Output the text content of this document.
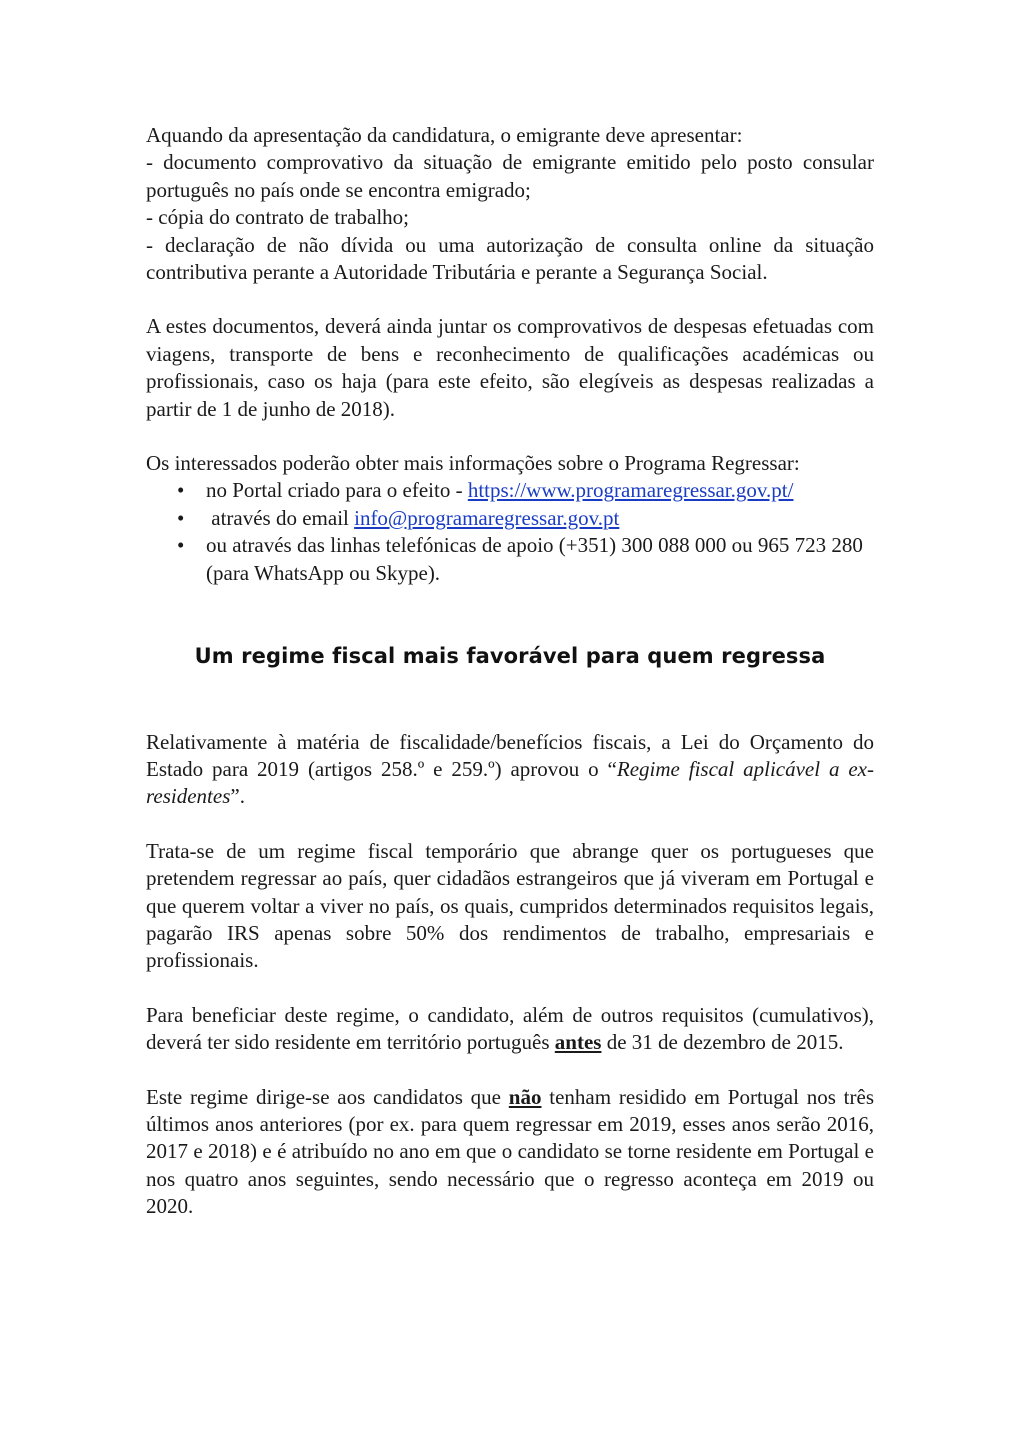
Aquando da apresentação da candidatura, o emigrante deve apresentar:

- documento comprovativo da situação de emigrante emitido pelo posto consular português no país onde se encontra emigrado;

- cópia do contrato de trabalho;

- declaração de não dívida ou uma autorização de consulta online da situação contributiva perante a Autoridade Tributária e perante a Segurança Social.

A estes documentos, deverá ainda juntar os comprovativos de despesas efetuadas com viagens, transporte de bens e reconhecimento de qualificações académicas ou profissionais, caso os haja (para este efeito, são elegíveis as despesas realizadas a partir de 1 de junho de 2018).

Os interessados poderão obter mais informações sobre o Programa Regressar:

• no Portal criado para o efeito - https://www.programaregressar.gov.pt/
• através do email info@programaregressar.gov.pt
• ou através das linhas telefónicas de apoio (+351) 300 088 000 ou 965 723 280 (para WhatsApp ou Skype).
Um regime fiscal mais favorável para quem regressa

Relativamente à matéria de fiscalidade/benefícios fiscais, a Lei do Orçamento do Estado para 2019 (artigos 258.º e 259.º) aprovou o “Regime fiscal aplicável a ex-residentes”.

Trata-se de um regime fiscal temporário que abrange quer os portugueses que pretendem regressar ao país, quer cidadãos estrangeiros que já viveram em Portugal e que querem voltar a viver no país, os quais, cumpridos determinados requisitos legais, pagarão IRS apenas sobre 50% dos rendimentos de trabalho, empresariais e profissionais.

Para beneficiar deste regime, o candidato, além de outros requisitos (cumulativos), deverá ter sido residente em território português antes de 31 de dezembro de 2015.

Este regime dirige-se aos candidatos que não tenham residido em Portugal nos três últimos anos anteriores (por ex. para quem regressar em 2019, esses anos serão 2016, 2017 e 2018) e é atribuído no ano em que o candidato se torne residente em Portugal e nos quatro anos seguintes, sendo necessário que o regresso aconteça em 2019 ou 2020.
